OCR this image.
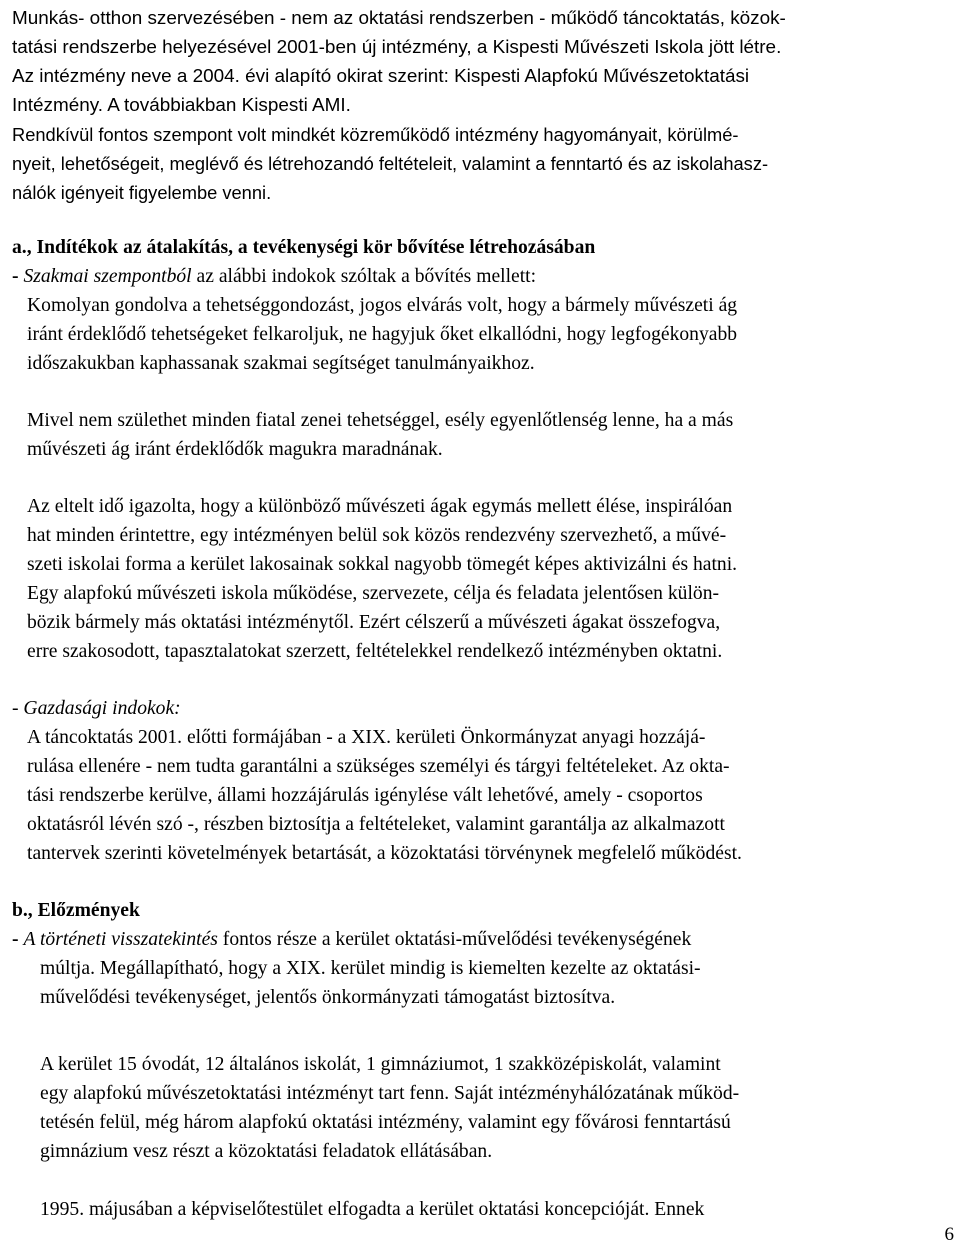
Munkás- otthon szervezésében - nem az oktatási rendszerben - működő táncoktatás, közok-

tatási rendszerbe helyezésével 2001-ben új intézmény, a Kispesti Művészeti Iskola jött létre.

Az intézmény neve a 2004. évi alapító okirat szerint: Kispesti Alapfokú Művészetoktatási

Intézmény. A továbbiakban Kispesti AMI.

Rendkívül fontos szempont volt mindkét közreműködő intézmény hagyományait, körülmé-

nyeit, lehetőségeit, meglévő és létrehozandó feltételeit, valamint a fenntartó és az iskolahasz-

nálók igényeit figyelembe venni.

a., Indítékok az átalakítás, a tevékenységi kör bővítése létrehozásában

- Szakmai szempontból az alábbi indokok szóltak a bővítés mellett:

Komolyan gondolva a tehetséggondozást, jogos elvárás volt, hogy a bármely művészeti ág

iránt érdeklődő tehetségeket felkaroljuk, ne hagyjuk őket elkallódni, hogy legfogékonyabb

időszakukban kaphassanak szakmai segítséget tanulmányaikhoz.

Mivel nem születhet minden fiatal zenei tehetséggel, esély egyenlőtlenség lenne, ha a más

művészeti ág iránt érdeklődők magukra maradnának.

Az eltelt idő igazolta, hogy a különböző művészeti ágak egymás mellett élése, inspirálóan

hat minden érintettre, egy intézményen belül sok közös rendezvény szervezhető, a művé-

szeti iskolai forma a kerület lakosainak sokkal nagyobb tömegét képes aktivizálni és hatni.

Egy alapfokú művészeti iskola működése, szervezete, célja és feladata jelentősen külön-

bözik bármely más oktatási intézménytől. Ezért célszerű a művészeti ágakat összefogva,

erre szakosodott, tapasztalatokat szerzett, feltételekkel rendelkező intézményben oktatni.

- Gazdasági indokok:

A táncoktatás 2001. előtti formájában - a XIX. kerületi Önkormányzat anyagi hozzájá-

rulása ellenére - nem tudta garantálni a szükséges személyi és tárgyi feltételeket. Az okta-

tási rendszerbe kerülve, állami hozzájárulás igénylése vált lehetővé, amely - csoportos

oktatásról lévén szó -, részben biztosítja a feltételeket, valamint garantálja az alkalmazott

tantervek szerinti követelmények betartását, a közoktatási törvénynek megfelelő működést.

b., Előzmények

- A történeti visszatekintés fontos része a kerület oktatási-művelődési tevékenységének

múltja. Megállapítható, hogy a XIX. kerület mindig is kiemelten kezelte az oktatási-

művelődési tevékenységet, jelentős önkormányzati támogatást biztosítva.

A kerület 15 óvodát, 12 általános iskolát, 1 gimnáziumot, 1 szakközépiskolát, valamint

egy alapfokú művészetoktatási intézményt tart fenn. Saját intézményhálózatának működ-

tetésén felül, még három alapfokú oktatási intézmény, valamint egy fővárosi fenntartású

gimnázium vesz részt a közoktatási feladatok ellátásában.

1995. májusában a képviselőtestület elfogadta a kerület oktatási koncepcióját. Ennek

6
